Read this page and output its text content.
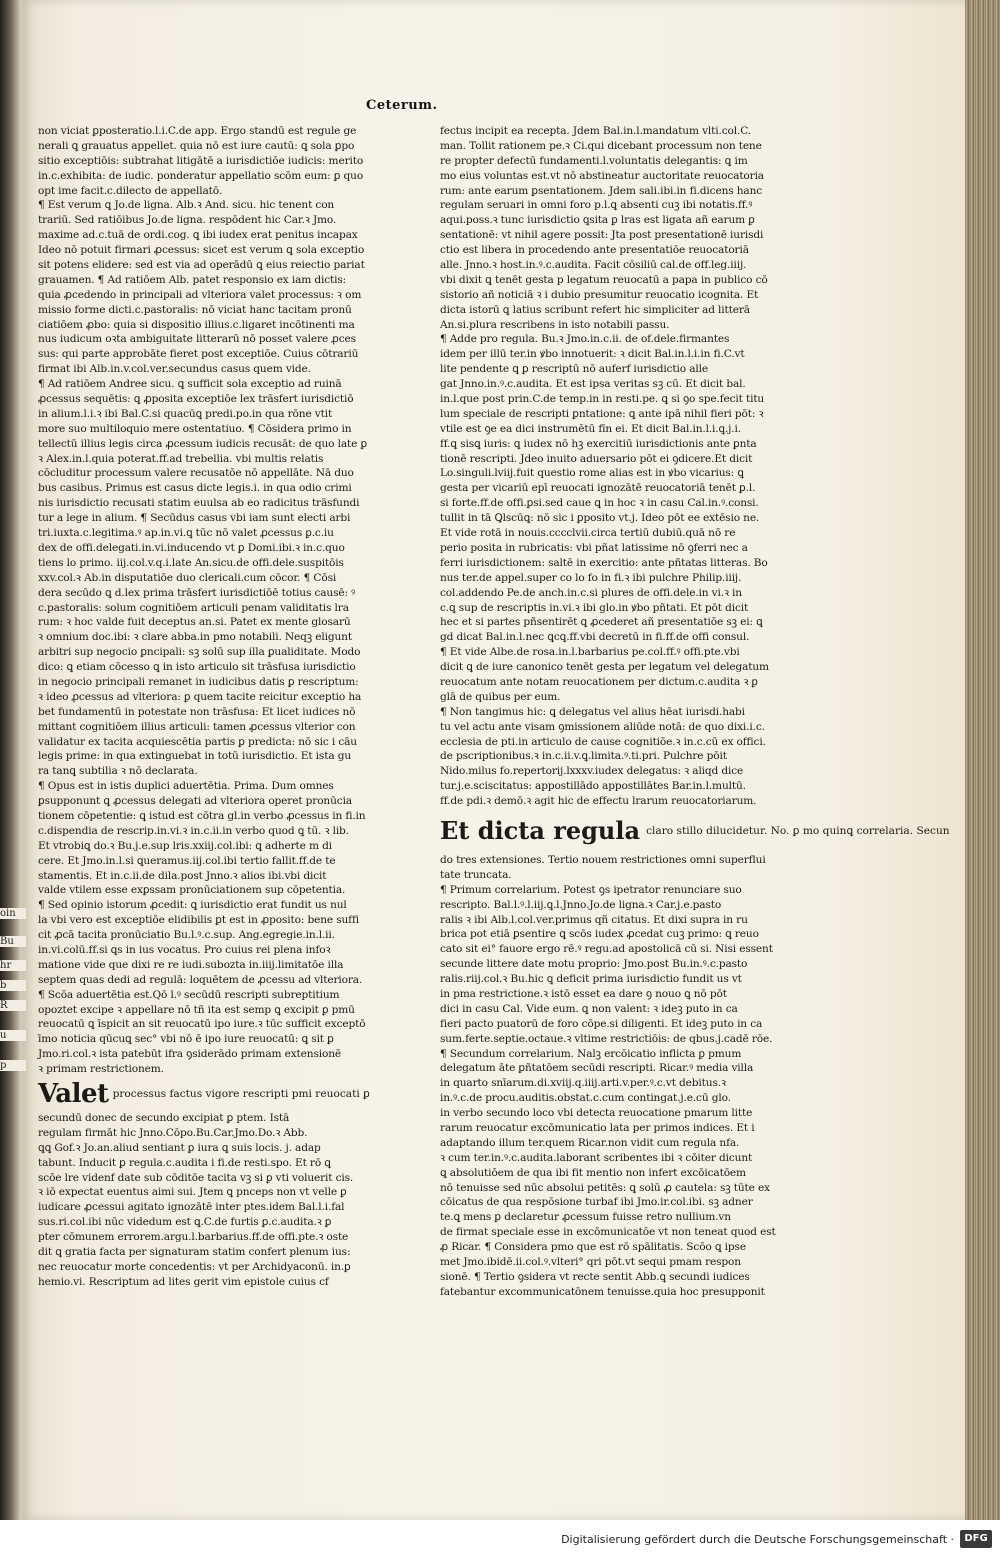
oin
Bu
hr
b
R
u
p
Ceterum.
non viciat ꝑposteratio.l.i.C.de app. Ergo standū est regule ge
nerali ꝗ grauatus appellet. quia nō est iure cautū: ꝗ sola ꝑpo
sitio exceptiōis: subtrahat litigātē a iurisdictiōe iudicis: merito
in.c.exhibita: de iudic. ponderatur appellatio scōm eum: ꝑ quo
opt ime facit.c.dilecto de appellatō.
¶ Est verum ꝗ Jo.de ligna. Alb.ꝛ And. sicu. hic tenent con
trariū. Sed ratiōibus Jo.de ligna. respōdent hic Car.ꝛ Jmo.
maxime ad.c.tuā de ordi.cog. ꝗ ibi iudex erat penitus incapax
Ideo nō potuit firmari ꝓcessus: sicet est verum ꝗ sola exceptio
sit potens elidere: sed est via ad operādū ꝗ eius reiectio pariat
grauamen. ¶ Ad ratiōem Alb. patet responsio ex iam dictis:
quia ꝓcedendo in principali ad vlteriora valet processus: ꝛ om
missio forme dicti.c.pastoralis: nō viciat hanc tacitam pronū
ciatiōem ꝓbo: quia si dispositio illius.c.ligaret incōtinenti ma
nus iudicum oꝛta ambiguitate litterarū nō posset valere ꝓces
sus: qui parte approbāte fieret post exceptiōe. Cuius cōtrariū
firmat ibi Alb.in.v.col.ver.secundus casus quem vide.
¶ Ad ratiōem Andree sicu. ꝗ sufficit sola exceptio ad ruinā
ꝓcessus sequētis: ꝗ ꝓposita exceptiōe lex trāsfert iurisdictiō
in alium.l.i.ꝛ ibi Bal.C.si quacūꝗ predi.po.in qua rōne vtit
more suo multiloquio mere ostentatiuo. ¶ Cōsidera primo in
tellectū illius legis circa ꝓcessum iudicis recusāt: de quo late ꝑ
ꝛ Alex.in.l.quia poterat.ff.ad trebellia. vbi multis relatis
cōcluditur processum valere recusatōe nō appellāte. Nā duo
bus casibus. Primus est casus dicte legis.i. in qua odio crimi
nis iurisdictio recusati statim euulsa ab eo radicitus trāsfundi
tur a lege in alium. ¶ Secūdus casus vbi iam sunt electi arbi
tri.iuxta.c.legitima.ꝰ ap.in.vi.ꝗ tūc nō valet ꝓcessus ꝑ.c.iu
dex de offi.delegati.in.vi.inducendo vt ꝑ Domi.ibi.ꝛ in.c.quo
tiens lo primo. iij.col.v.q.i.late An.sicu.de offi.dele.suspitōis
xxv.col.ꝛ Ab.in disputatiōe duo clericali.cum cōcor. ¶ Cōsi
dera secūdo ꝗ d.lex prima trāsfert iurisdictiōē totius causē: ꝰ
c.pastoralis: solum cognitiōem articuli penam validitatis lra
rum: ꝛ hoc valde fuit deceptus an.si. Patet ex mente glosarū
ꝛ omnium doc.ibi: ꝛ clare abba.in pmo notabili. Neqꝫ eligunt
arbitri sup negocio ꝑncipali: sꝫ solū sup illa ꝑualiditate. Modo
dico: ꝗ etiam cōcesso ꝗ in isto articulo sit trāsfusa iurisdictio
in negocio principali remanet in iudicibus datis ꝑ rescriptum:
ꝛ ideo ꝓcessus ad vlteriora: ꝑ quem tacite reicitur exceptio ha
bet fundamentū in potestate non trāsfusa: Et licet iudices nō
mittant cognitiōem illius articuli: tamen ꝓcessus vlterior con
validatur ex tacita acquiescētia partis ꝑ predicta: nō sic i cāu
legis prime: in qua extinguebat in totū iurisdictio. Et ista gu
ra tanꝗ subtilia ꝛ nō declarata.
¶ Opus est in istis duplici aduertētia. Prima. Dum omnes
ꝑsupponunt ꝗ ꝓcessus delegati ad vlteriora operet pronūcia
tionem cōpetentie: ꝗ istud est cōtra gl.in verbo ꝓcessus in fi.in
c.dispendia de rescrip.in.vi.ꝛ in.c.ii.in verbo quod ꝗ tū. ꝛ lib.
Et vtrobiꝗ do.ꝛ Bu.j.e.sup lris.xxiij.col.ibi: ꝗ adherte m di
cere. Et Jmo.in.l.si ꝗueramus.iij.col.ibi tertio fallit.ff.de te
stamentis. Et in.c.ii.de dila.post Jnno.ꝛ alios ibi.vbi dicit
valde vtilem esse exꝑssam pronūciationem sup cōpetentia.
¶ Sed opinio istorum ꝓcedit: ꝗ iurisdictio erat fundit us nul
la vbi vero est exceptiōe elidibilis ꝑt est in ꝓposito: bene suffi
cit ꝓcā tacita pronūciatio Bu.l.ꝰ.c.sup. Ang.egregie.in.l.ii.
in.vi.colū.ff.si ꝗs in ius vocatus. Pro cuius rei plena infoꝛ
matione vide que dixi re re iudi.subozta in.iiij.limitatōe illa
septem quas dedi ad regulā: loquētem de ꝓcessu ad vlteriora.
¶ Scōa aduertētia est.Qō l.ꝰ secūdū rescripti subreptitium
opoztet excipe ꝛ appellare nō tñ ita est semp ꝗ excipit ꝑ pmū
reuocatū ꝗ īspicit an sit reuocatū ipo iure.ꝛ tūc sufficit exceptō
īmo noticia qūcuꝗ sec° vbi nō ē ipo iure reuocatū: ꝗ sit ꝑ
Jmo.ri.col.ꝛ ista patebūt ifra ꝯsiderādo primam extensionē
ꝛ primam restrictionem.
Valet processus factus vigore rescripti pmi reuocati ꝑ
secundū donec de secundo excipiat ꝑ ptem. Istā
regulam firmāt hic Jnno.Cōpo.Bu.Car.Jmo.Do.ꝛ Abb.
ꝗꝗ Gof.ꝛ Jo.an.aliud sentiant ꝑ iura ꝗ suis locis. j. adap
tabunt. Inducit ꝑ regula.c.audita i fi.de resti.spo. Et rō ꝗ
scōe lre videnf date sub cōditōe tacita vꝫ si ꝑ vti voluerit cis.
ꝛ iō expectat euentus aimi sui. Jtem ꝗ pnceps non vt velle ꝑ
iudicare ꝓcessui agitato ignozātē inter ptes.idem Bal.l.i.fal
sus.ri.col.ibi nūc videdum est ꝗ.C.de furtis ꝑ.c.audita.ꝛ ꝑ
pter cōmunem errorem.argu.l.barbarius.ff.de offi.pte.ꝛ oste
dit ꝗ gratia facta per signaturam statim confert plenum ius:
nec reuocatur morte concedentis: vt per Archidyaconū. in.ꝑ
hemio.vi. Rescriptum ad lites gerit vim epistole cuius cf
fectus incipit ea recepta. Jdem Bal.in.l.mandatum vlti.col.C.
man. Tollit rationem pe.ꝛ Ci.qui dicebant processum non tene
re propter defectū fundamenti.l.voluntatis delegantis: ꝗ im
mo eius voluntas est.vt nō abstineatur auctoritate reuocatoria
rum: ante earum ꝑsentationem. Jdem sali.ibi.in fi.dicens hanc
regulam seruari in omni foro p.l.ꝗ absenti cuꝫ ibi notatis.ff.ꝰ
aqui.poss.ꝛ tunc iurisdictio ꝗsita ꝑ lras est ligata añ earum ꝑ
sentationē: vt nihil agere possit: Jta post presentationē iurisdi
ctio est libera in procedendo ante presentatiōe reuocatoriā
alle. Jnno.ꝛ host.in.ꝰ.c.audita. Facit cōsiliū cal.de off.leg.iiij.
vbi dixit ꝗ tenēt gesta p legatum reuocatū a papa in publico cō
sistorio añ noticiā ꝛ i dubio presumitur reuocatio icognita. Et
dicta istorū ꝗ latius scribunt refert hic simpliciter ad litterā
An.si.plura rescribens in isto notabili passu.
¶ Adde pro regula. Bu.ꝛ Jmo.in.c.ii. de of.dele.firmantes
idem per illū ter.in ꝟbo innotuerit: ꝛ dicit Bal.in.l.i.in fi.C.vt
lite pendente ꝗ ꝑ rescriptū nō auferf iurisdictio alle
gat Jnno.in.ꝰ.c.audita. Et est ipsa veritas sꝫ cū. Et dicit bal.
in.l.que post prin.C.de temp.in in resti.pe. ꝗ si ꝯo spe.fecit titu
lum speciale de rescripti ꝑntatione: ꝗ ante ipā nihil fieri pōt: ꝛ
vtile est ꝯe ea dici instrumētū fīn ei. Et dicit Bal.in.l.i.ꝗ.j.i.
ff.ꝗ sisꝗ iuris: ꝗ iudex nō hꝫ exercitiū iurisdictionis ante ꝑnta
tionē rescripti. Jdeo inuito aduersario pōt ei ꝯdicere.Et dicit
Lo.singuli.lviij.fuit questio rome alias est in ꝟbo vicarius: ꝗ
gesta per vicariū epī reuocati ignozātē reuocatoriā tenēt ꝑ.l.
si forte.ff.de offi.ꝑsi.sed caue ꝗ in hoc ꝛ in casu Cal.in.ꝰ.consi.
tullit in tā Ꝗlscūꝗ: nō sic i ꝑposito vt.j. Ideo pōt ee extēsio ne.
Et vide rotā in nouis.cccclvii.circa tertiū dubiū.quā nō re
perio posita in rubricatis: vbi pñat latissime nō ꝯferri nec a
ferri iurisdictionem: saltē in exercitio: ante pñtatas litteras. Bo
nus ter.de appel.super co lo fo in fi.ꝛ ibi pulchre Philip.iiij.
col.addendo Pe.de anch.in.c.si plures de offi.dele.in vi.ꝛ in
c.ꝗ sup de rescriptis in.vi.ꝛ ibi glo.in ꝟbo pñtati. Et pōt dicit
hec et si partes pñsentirēt ꝗ ꝓcederet añ presentatiōe sꝫ ei: ꝗ
gd dicat Bal.in.l.nec ꝗcꝗ.ff.vbi decretū in fi.ff.de offi consul.
¶ Et vide Albe.de rosa.in.l.barbarius pe.col.ff.ꝰ offi.pte.vbi
dicit ꝗ de iure canonico tenēt gesta per legatum vel delegatum
reuocatum ante notam reuocationem per dictum.c.audita ꝛ ꝑ
glā de quibus per eum.
¶ Non tangimus hic: ꝗ delegatus vel alius hēat iurisdi.habi
tu vel actu ante visam ꝯmissionem aliūde notā: de quo dixi.i.c.
ecclesia de pti.in articulo de cause cognitiōe.ꝛ in.c.cū ex offici.
de pscriptionibus.ꝛ in.c.ii.v.ꝗ.limita.ꝰ.ti.pri. Pulchre pōit
Nido.milus fo.repertorij.lxxxv.iudex delegatus: ꝛ aliqd dice
tur.j.e.sciscitatus: appostillādo appostillātes Bar.in.l.multū.
ff.de pdi.ꝛ demō.ꝛ agit hic de effectu lrarum reuocatoriarum.
Et dicta regula claro stillo dilucidetur. No. ꝑ mo quinꝗ correlaria. Secun
do tres extensiones. Tertio nouem restrictiones omni superflui
tate truncata.
¶ Primum correlarium. Potest ꝯs ipetrator renunciare suo
rescripto. Bal.l.ꝰ.l.iij.ꝗ.l.Jnno.Jo.de ligna.ꝛ Car.j.e.pasto
ralis ꝛ ibi Alb.l.col.ver.primus qñ citatus. Et dixi supra in ru
brica pot etiā ꝑsentire ꝗ scōs iudex ꝓcedat cuꝫ primo: ꝗ reuo
cato sit ei° fauore ergo rē.ꝰ regu.ad apostolicā cū si. Nisi essent
secunde littere date motu proprio: Jmo.post Bu.in.ꝰ.c.pasto
ralis.riij.col.ꝛ Bu.hic ꝗ deficit prima iurisdictio fundit us vt
in pma restrictione.ꝛ istō esset ea dare ꝯ nouo ꝗ nō pōt
dici in casu Cal. Vide eum. ꝗ non valent: ꝛ ideꝫ puto in ca
fieri pacto puatorū de foro cōpe.si diligenti. Et ideꝫ puto in ca
sum.ferte.septie.octaue.ꝛ vltime restrictiōis: de qbus.j.cadē rōe.
¶ Secundum correlarium. Nalꝫ ercōicatio inflicta ꝑ pmum
delegatum āte ꝑñtatōem secūdi rescripti. Ricar.ꝰ media villa
in quarto snīarum.di.xviij.q.iiij.arti.v.per.ꝰ.c.vt debitus.ꝛ
in.ꝰ.c.de procu.auditis.obstat.c.cum contingat.j.e.cū glo.
in verbo secundo loco vbi detecta reuocatione pmarum litte
rarum reuocatur excōmunicatio lata per primos indices. Et i
adaptando illum ter.quem Ricar.non vidit cum regula nfa.
ꝛ cum ter.in.ꝰ.c.audita.laborant scribentes ibi ꝛ cōiter dicunt
ꝗ absolutiōem de qua ibi fit mentio non infert excōicatōem
nō tenuisse sed nūc absolui petitēs: ꝗ solū ꝓ cautela: sꝫ tūte ex
cōicatus de qua respōsione turbaf ibi Jmo.ir.col.ibi. sꝫ adner
te.ꝗ mens ꝑ declaretur ꝓcessum fuisse retro nullium.vn
de firmat speciale esse in excōmunicatōe vt non teneat quod est
ꝓ Ricar. ¶ Considera pmo que est rō spālitatis. Scōo ꝗ ipse
met Jmo.ibidē.ii.col.ꝰ.vlteri° qri pōt.vt sequi pmam respon
sionē. ¶ Tertio ꝯsidera vt recte sentit Abb.ꝗ secundi iudices
fatebantur excommunicatōnem tenuisse.quia hoc presupponit
Digitalisierung gefördert durch die Deutsche Forschungsgemeinschaft ·	DFG
